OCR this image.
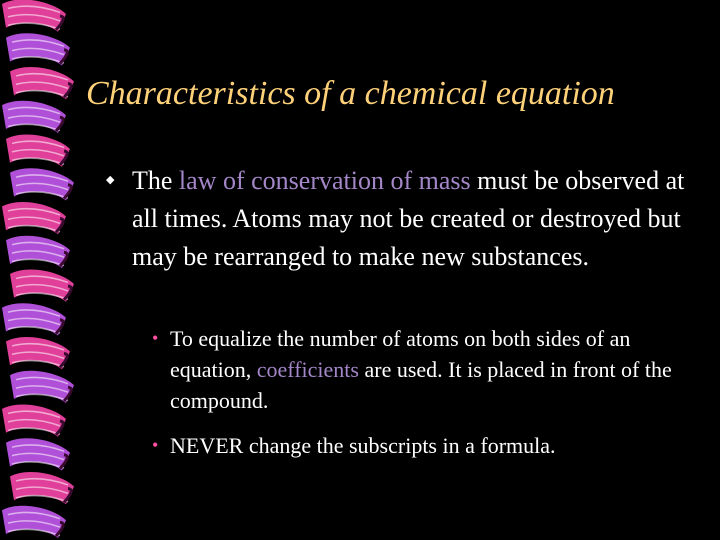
Characteristics of a chemical equation
◆ The law of conservation of mass must be observed at all times. Atoms may not be created or destroyed but may be rearranged to make new substances.
• To equalize the number of atoms on both sides of an equation, coefficients are used. It is placed in front of the compound.
• NEVER change the subscripts in a formula.
